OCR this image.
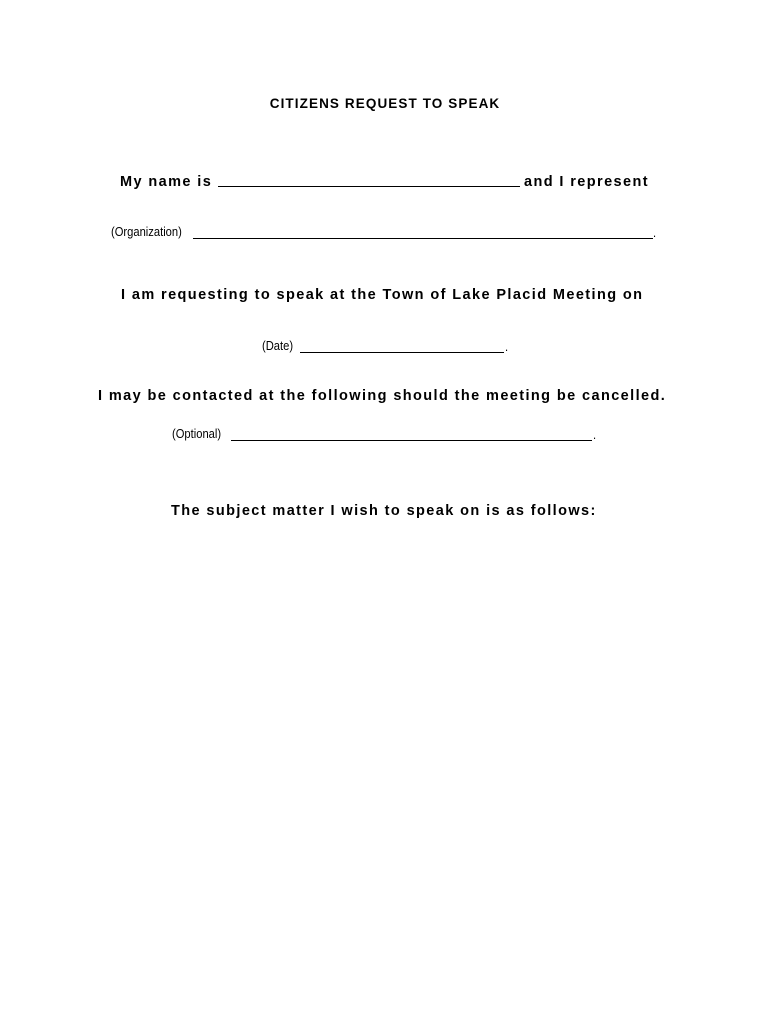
CITIZENS REQUEST TO SPEAK
My name is	and I represent
(Organization)	.
I am requesting to speak at the Town of Lake Placid Meeting on
(Date)	.
I may be contacted at the following should the meeting be cancelled.
(Optional)	.
The subject matter I wish to speak on is as follows:
